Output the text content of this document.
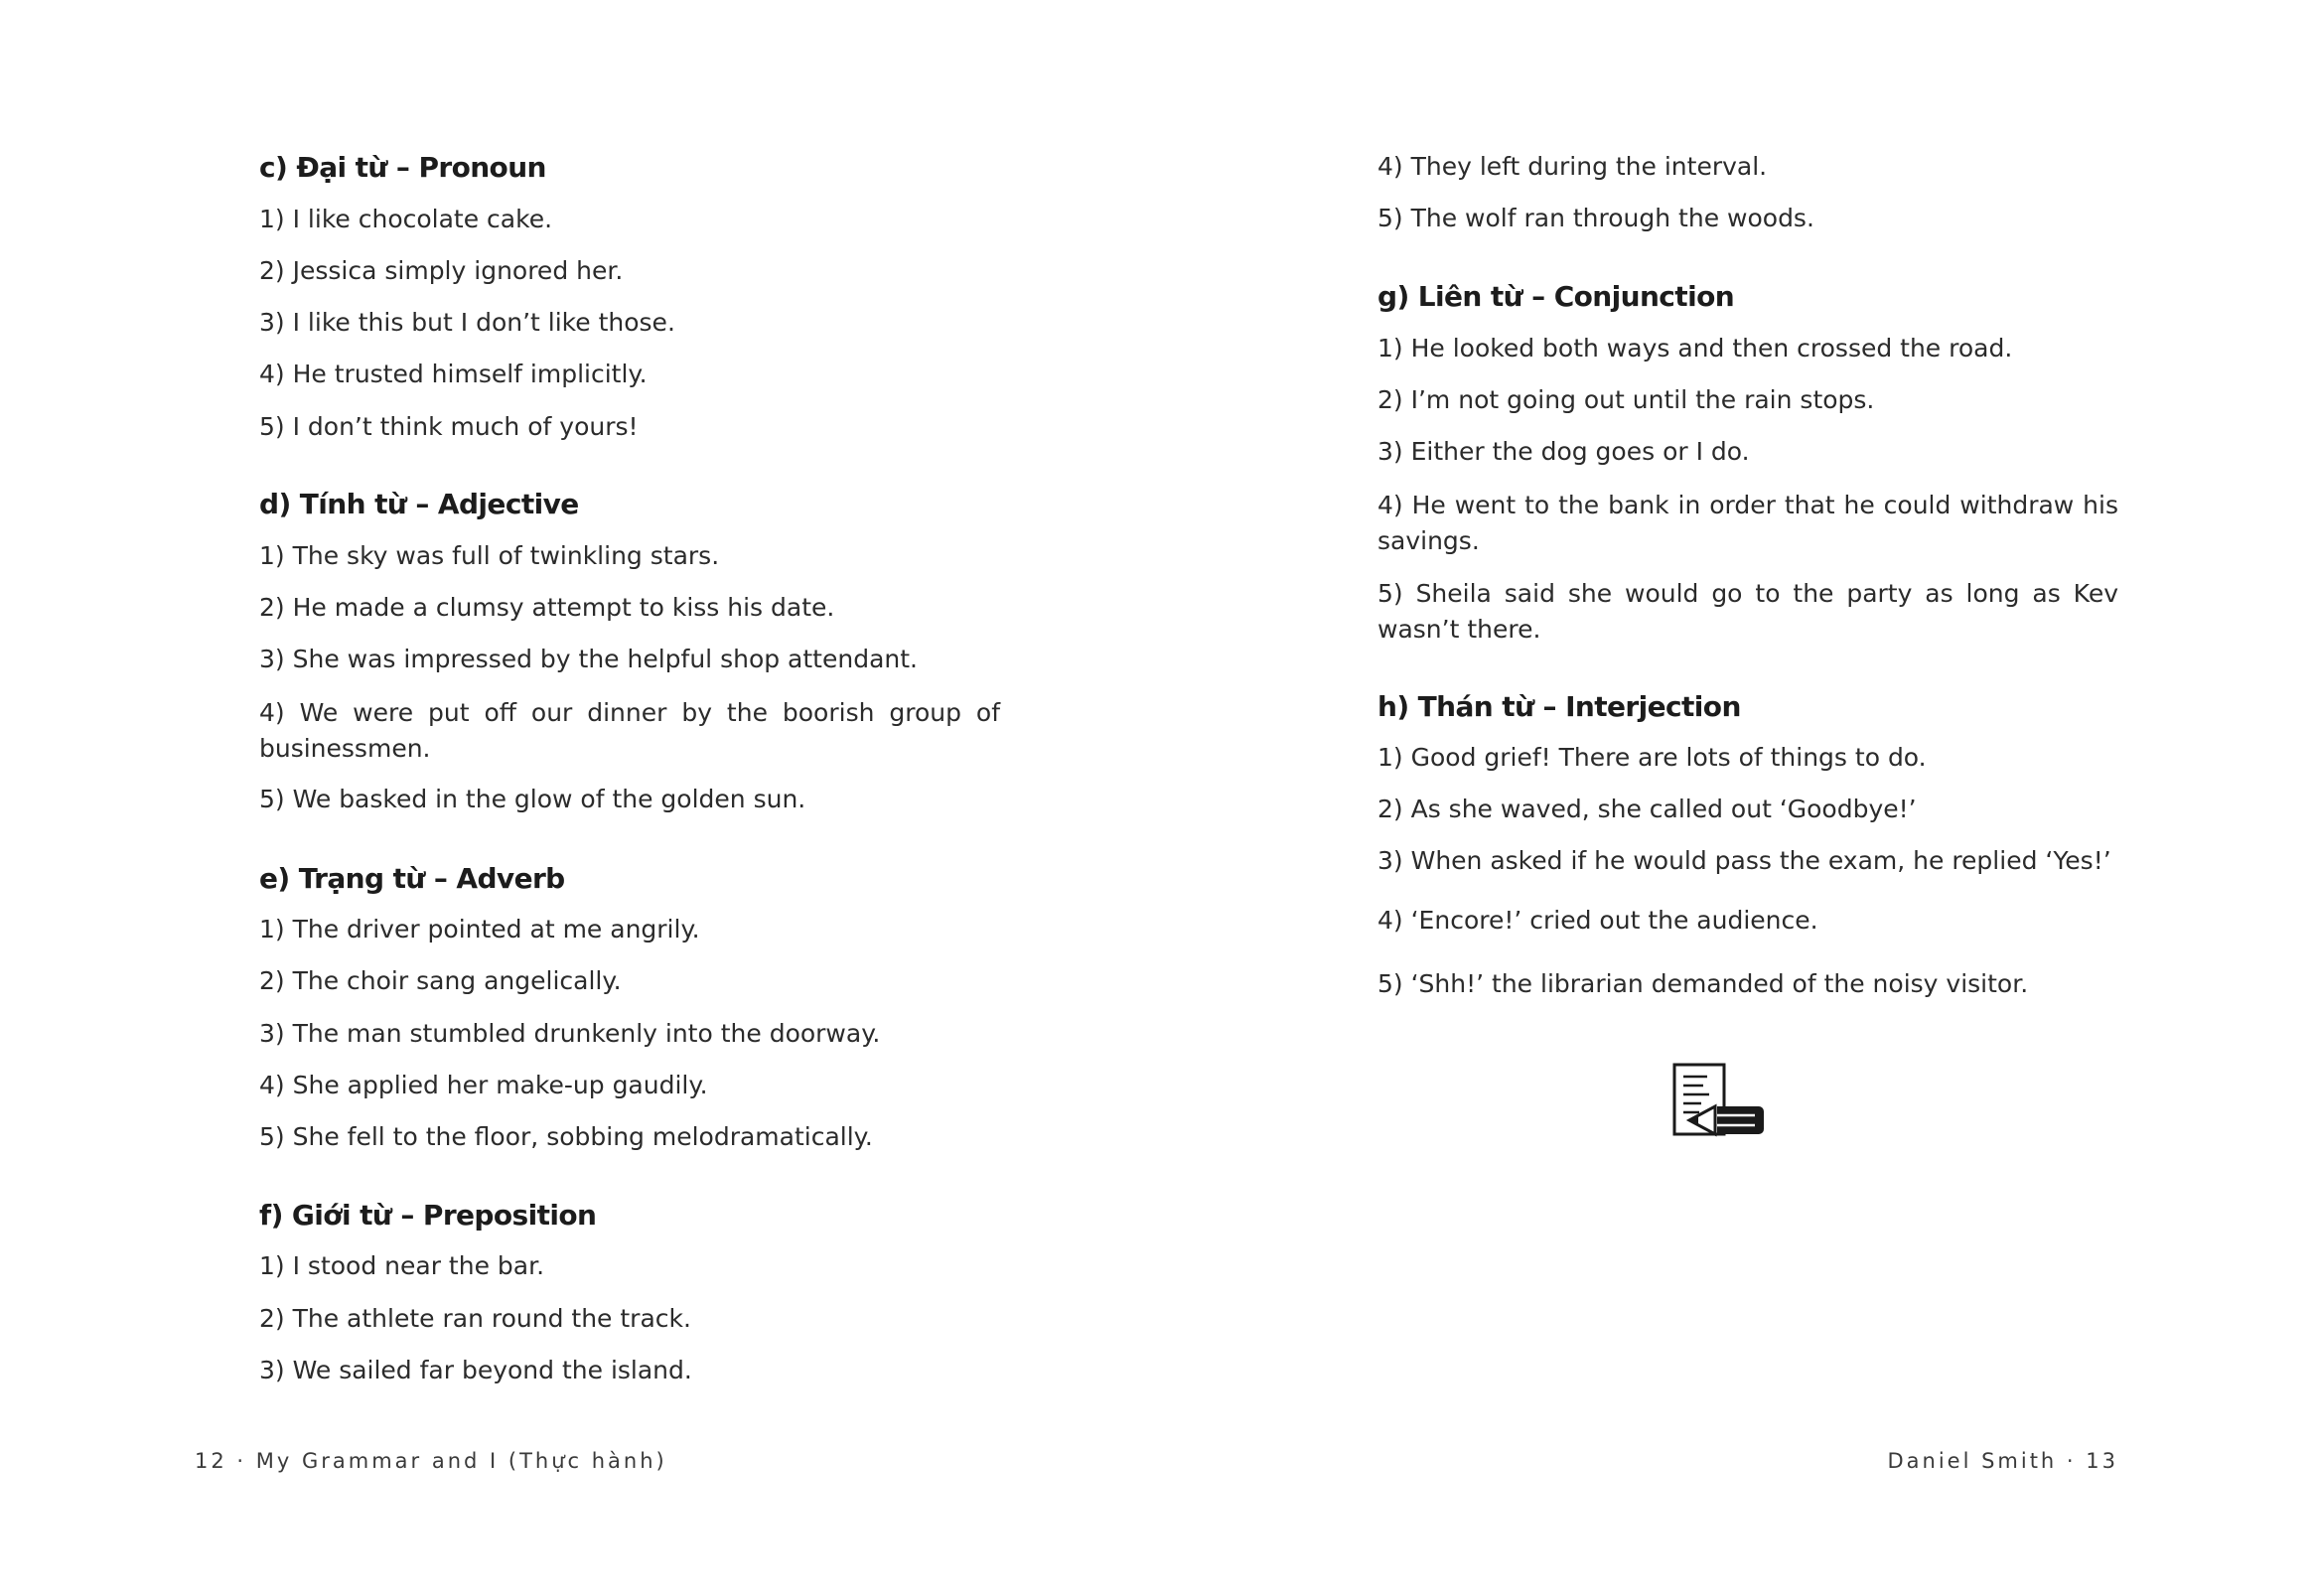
c) Đại từ – Pronoun
1) I like chocolate cake.
2) Jessica simply ignored her.
3) I like this but I don’t like those.
4) He trusted himself implicitly.
5) I don’t think much of yours!
d) Tính từ – Adjective
1) The sky was full of twinkling stars.
2) He made a clumsy attempt to kiss his date.
3) She was impressed by the helpful shop attendant.
4) We were put off our dinner by the boorish group of businessmen.
5) We basked in the glow of the golden sun.
e) Trạng từ – Adverb
1) The driver pointed at me angrily.
2) The choir sang angelically.
3) The man stumbled drunkenly into the doorway.
4) She applied her make-up gaudily.
5) She fell to the floor, sobbing melodramatically.
f) Giới từ – Preposition
1) I stood near the bar.
2) The athlete ran round the track.
3) We sailed far beyond the island.
12 · My Grammar and I (Thực hành)
4) They left during the interval.
5) The wolf ran through the woods.
g) Liên từ – Conjunction
1) He looked both ways and then crossed the road.
2) I’m not going out until the rain stops.
3) Either the dog goes or I do.
4) He went to the bank in order that he could withdraw his savings.
5) Sheila said she would go to the party as long as Kev wasn’t there.
h) Thán từ – Interjection
1) Good grief! There are lots of things to do.
2) As she waved, she called out ‘Goodbye!’
3) When asked if he would pass the exam, he replied ‘Yes!’
4) ‘Encore!’ cried out the audience.
5) ‘Shh!’ the librarian demanded of the noisy visitor.
Daniel Smith · 13
